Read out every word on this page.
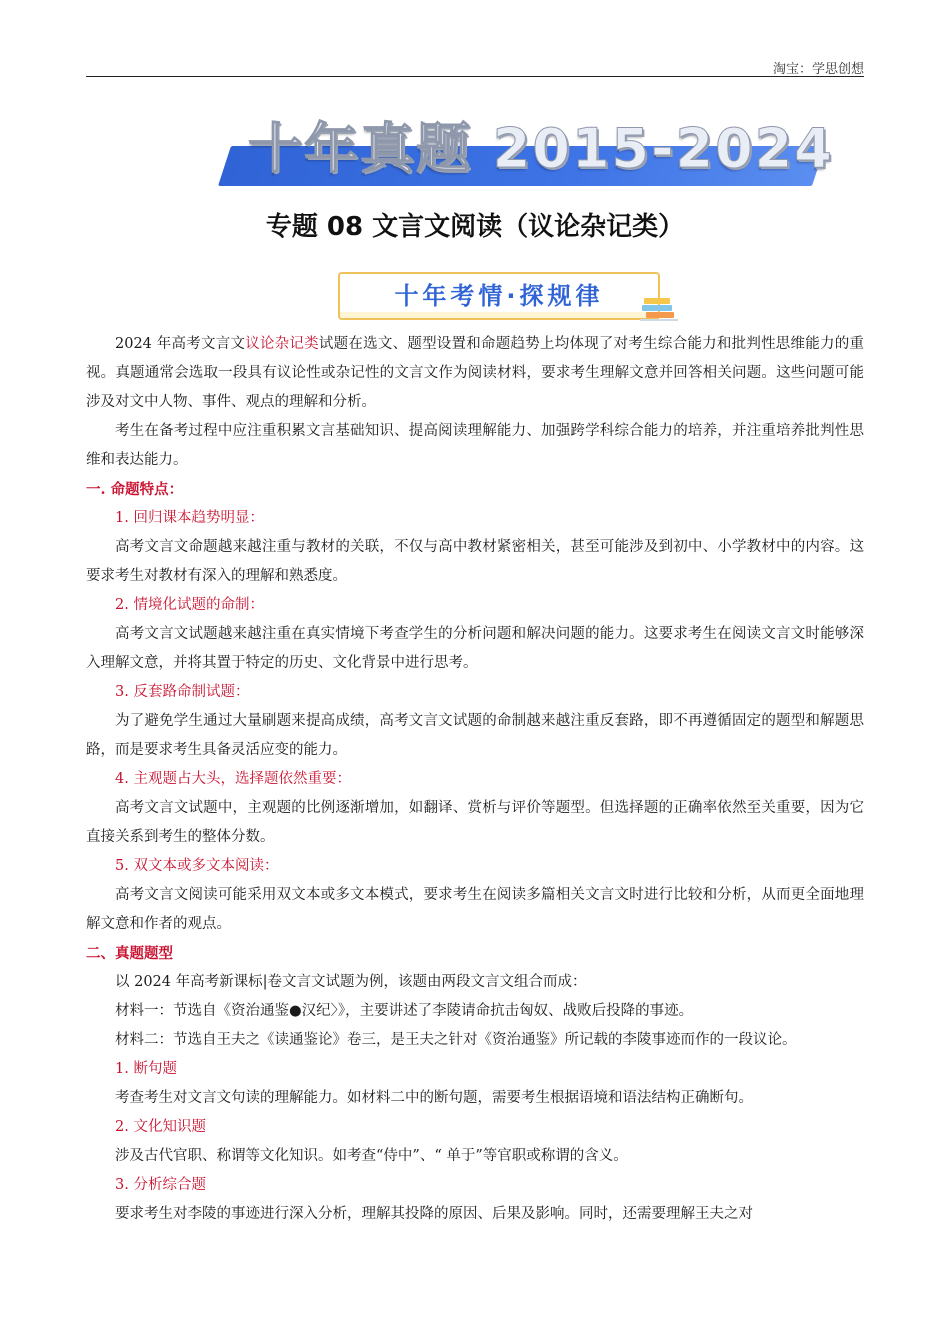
淘宝：学思创想
十年真题 2015-2024
专题 08 文言文阅读（议论杂记类）
十年考情·探规律

2024 年高考文言文议论杂记类试题在选文、题型设置和命题趋势上均体现了对考生综合能力和批判性思维能力的重视。真题通常会选取一段具有议论性或杂记性的文言文作为阅读材料，要求考生理解文意并回答相关问题。这些问题可能涉及对文中人物、事件、观点的理解和分析。

考生在备考过程中应注重积累文言基础知识、提高阅读理解能力、加强跨学科综合能力的培养，并注重培养批判性思维和表达能力。

一. 命题特点：

1. 回归课本趋势明显：

高考文言文命题越来越注重与教材的关联，不仅与高中教材紧密相关，甚至可能涉及到初中、小学教材中的内容。这要求考生对教材有深入的理解和熟悉度。

2. 情境化试题的命制：

高考文言文试题越来越注重在真实情境下考查学生的分析问题和解决问题的能力。这要求考生在阅读文言文时能够深入理解文意，并将其置于特定的历史、文化背景中进行思考。

3. 反套路命制试题：

为了避免学生通过大量刷题来提高成绩，高考文言文试题的命制越来越注重反套路，即不再遵循固定的题型和解题思路，而是要求考生具备灵活应变的能力。

4. 主观题占大头，选择题依然重要：

高考文言文试题中，主观题的比例逐渐增加，如翻译、赏析与评价等题型。但选择题的正确率依然至关重要，因为它直接关系到考生的整体分数。

5. 双文本或多文本阅读：

高考文言文阅读可能采用双文本或多文本模式，要求考生在阅读多篇相关文言文时进行比较和分析，从而更全面地理解文意和作者的观点。

二、真题题型

以 2024 年高考新课标|卷文言文试题为例，该题由两段文言文组合而成：

材料一：节选自《资治通鉴●汉纪〉》，主要讲述了李陵请命抗击匈奴、战败后投降的事迹。

材料二：节选自王夫之《读通鉴论》卷三，是王夫之针对《资治通鉴》所记载的李陵事迹而作的一段议论。

1. 断句题

考查考生对文言文句读的理解能力。如材料二中的断句题，需要考生根据语境和语法结构正确断句。

2. 文化知识题

涉及古代官职、称谓等文化知识。如考查“侍中”、“ 单于”等官职或称谓的含义。

3. 分析综合题

要求考生对李陵的事迹进行深入分析，理解其投降的原因、后果及影响。同时，还需要理解王夫之对
